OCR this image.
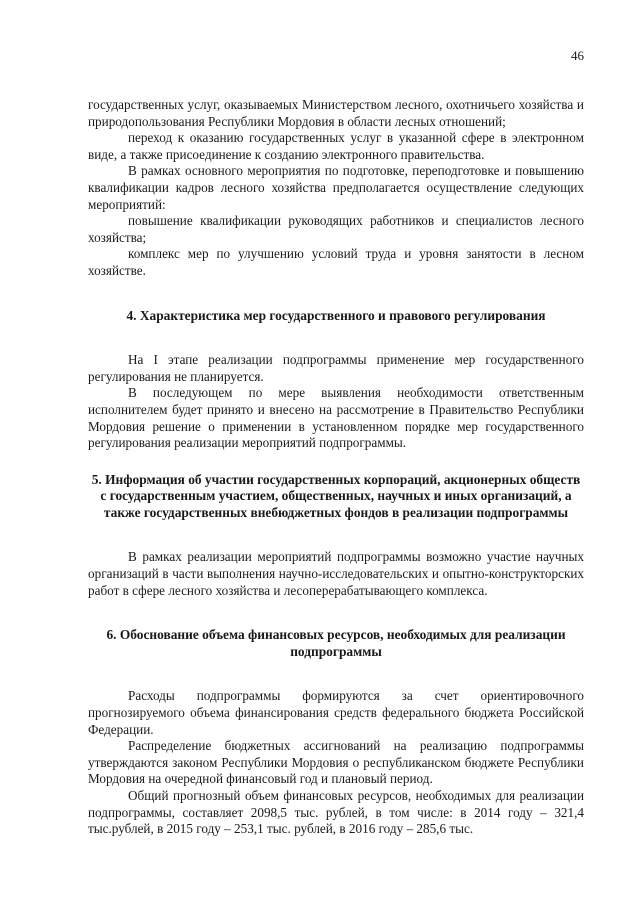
46

государственных услуг, оказываемых Министерством лесного, охотничьего хозяйства и природопользования Республики Мордовия в области лесных отношений;

переход к оказанию государственных услуг в указанной сфере в электронном виде, а также присоединение к созданию электронного правительства.

В рамках основного мероприятия по подготовке, переподготовке и повышению квалификации кадров лесного хозяйства предполагается осуществление следующих мероприятий:

повышение квалификации руководящих работников и специалистов лесного хозяйства;

комплекс мер по улучшению условий труда и уровня занятости в лесном хозяйстве.

4. Характеристика мер государственного и правового регулирования

На I этапе реализации подпрограммы применение мер государственного регулирования не планируется.

В последующем по мере выявления необходимости ответственным исполнителем будет принято и внесено на рассмотрение в Правительство Республики Мордовия решение о применении в установленном порядке мер государственного регулирования реализации мероприятий подпрограммы.

5. Информация об участии государственных корпораций, акционерных обществ с государственным участием, общественных, научных и иных организаций, а также государственных внебюджетных фондов в реализации подпрограммы

В рамках реализации мероприятий подпрограммы возможно участие научных организаций в части выполнения научно-исследовательских и опытно-конструкторских работ в сфере лесного хозяйства и лесоперерабатывающего комплекса.

6. Обоснование объема финансовых ресурсов, необходимых для реализации подпрограммы

Расходы подпрограммы формируются за счет ориентировочного прогнозируемого объема финансирования средств федерального бюджета Российской Федерации.

Распределение бюджетных ассигнований на реализацию подпрограммы утверждаются законом Республики Мордовия о республиканском бюджете Республики Мордовия на очередной финансовый год и плановый период.

Общий прогнозный объем финансовых ресурсов, необходимых для реализации подпрограммы, составляет 2098,5 тыс. рублей, в том числе: в 2014 году – 321,4 тыс.рублей, в 2015 году – 253,1 тыс. рублей, в 2016 году – 285,6 тыс.
